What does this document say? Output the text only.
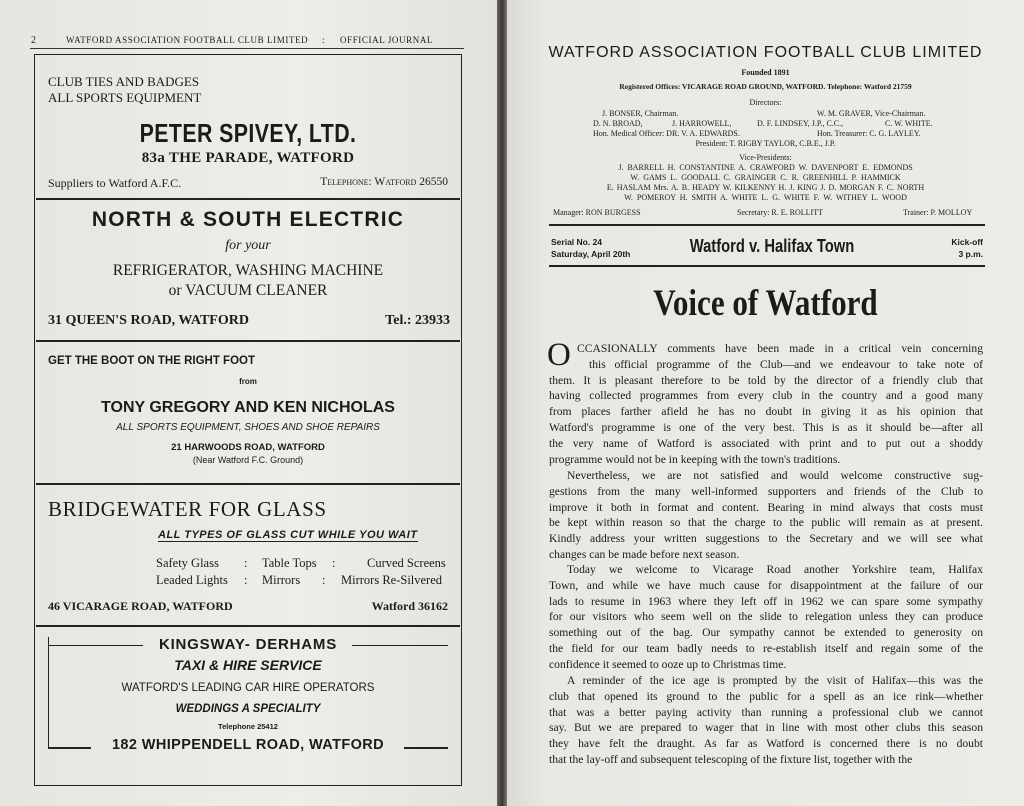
2	WATFORD ASSOCIATION FOOTBALL CLUB LIMITED : OFFICIAL JOURNAL
CLUB TIES AND BADGES
ALL SPORTS EQUIPMENT
PETER SPIVEY, LTD.
83a THE PARADE, WATFORD
Suppliers to Watford A.F.C.	Telephone: Watford 26550
NORTH & SOUTH ELECTRIC
for your
REFRIGERATOR, WASHING MACHINE
or VACUUM CLEANER
31 QUEEN'S ROAD, WATFORD	Tel.: 23933
GET THE BOOT ON THE RIGHT FOOT
from
TONY GREGORY AND KEN NICHOLAS
ALL SPORTS EQUIPMENT, SHOES AND SHOE REPAIRS
21 HARWOODS ROAD, WATFORD
(Near Watford F.C. Ground)
BRIDGEWATER FOR GLASS
ALL TYPES OF GLASS CUT WHILE YOU WAIT
Safety Glass : Table Tops :	Curved Screens
Leaded Lights : Mirrors : Mirrors Re-Silvered
46 VICARAGE ROAD, WATFORD	Watford 36162
KINGSWAY- DERHAMS
TAXI & HIRE SERVICE
WATFORD'S LEADING CAR HIRE OPERATORS
WEDDINGS A SPECIALITY
Telephone 25412
182 WHIPPENDELL ROAD, WATFORD
WATFORD ASSOCIATION FOOTBALL CLUB LIMITED
Founded 1891
Registered Offices: VICARAGE ROAD GROUND, WATFORD. Telephone: Watford 21759
Directors:
J. BONSER, Chairman.	W. M. GRAVER, Vice-Chairman.
D. N. BROAD,	J. HARROWELL,	D. F. LINDSEY, J.P., C.C.,	C. W. WHITE.
Hon. Medical Officer: DR. V. A. EDWARDS.	Hon. Treasurer: C. G. LAYLEY.
President: T. RIGBY TAYLOR, C.B.E., J.P.
Vice-Presidents:
J. BARRELL H. CONSTANTINE A. CRAWFORD W. DAVENPORT E. EDMONDS
W. GAMS L. GOODALL C. GRAINGER C. R. GREENHILL P. HAMMICK
E. HASLAM Mrs. A. B. HEADY W. KILKENNY H. J. KING J. D. MORGAN F. C. NORTH
W. POMEROY H. SMITH A. WHITE L. G. WHITE F. W. WITHEY L. WOOD
Manager: RON BURGESS	Secretary: R. E. ROLLITT	Trainer: P. MOLLOY
Serial No. 24
Saturday, April 20th	Watford v. Halifax Town	Kick-off
3 p.m.
Voice of Watford
O CCASIONALLY comments have been made in a critical vein concerning
this official programme of the Club—and we endeavour to take note of
them. It is pleasant therefore to be told by the director of a friendly club that
having collected programmes from every club in the country and a good many
from places farther afield he has no doubt in giving it as his opinion that
Watford's programme is one of the very best. This is as it should be—after all
the very name of Watford is associated with print and to put out a shoddy
programme would not be in keeping with the town's traditions.
Nevertheless, we are not satisfied and would welcome constructive sug-
gestions from the many well-informed supporters and friends of the Club to
improve it both in format and content. Bearing in mind always that costs must
be kept within reason so that the charge to the public will remain as at present.
Kindly address your written suggestions to the Secretary and we will see what
changes can be made before next season.
Today we welcome to Vicarage Road another Yorkshire team, Halifax
Town, and while we have much cause for disappointment at the failure of our
lads to resume in 1963 where they left off in 1962 we can spare some sympathy
for our visitors who seem well on the slide to relegation unless they can produce
something out of the bag. Our sympathy cannot be extended to generosity on
the field for our team badly needs to re-establish itself and regain some of the
confidence it seemed to ooze up to Christmas time.
A reminder of the ice age is prompted by the visit of Halifax—this was the
club that opened its ground to the public for a spell as an ice rink—whether
that was a better paying activity than running a professional club we cannot
say. But we are prepared to wager that in line with most other clubs this season
they have felt the draught. As far as Watford is concerned there is no doubt
that the lay-off and subsequent telescoping of the fixture list, together with the
